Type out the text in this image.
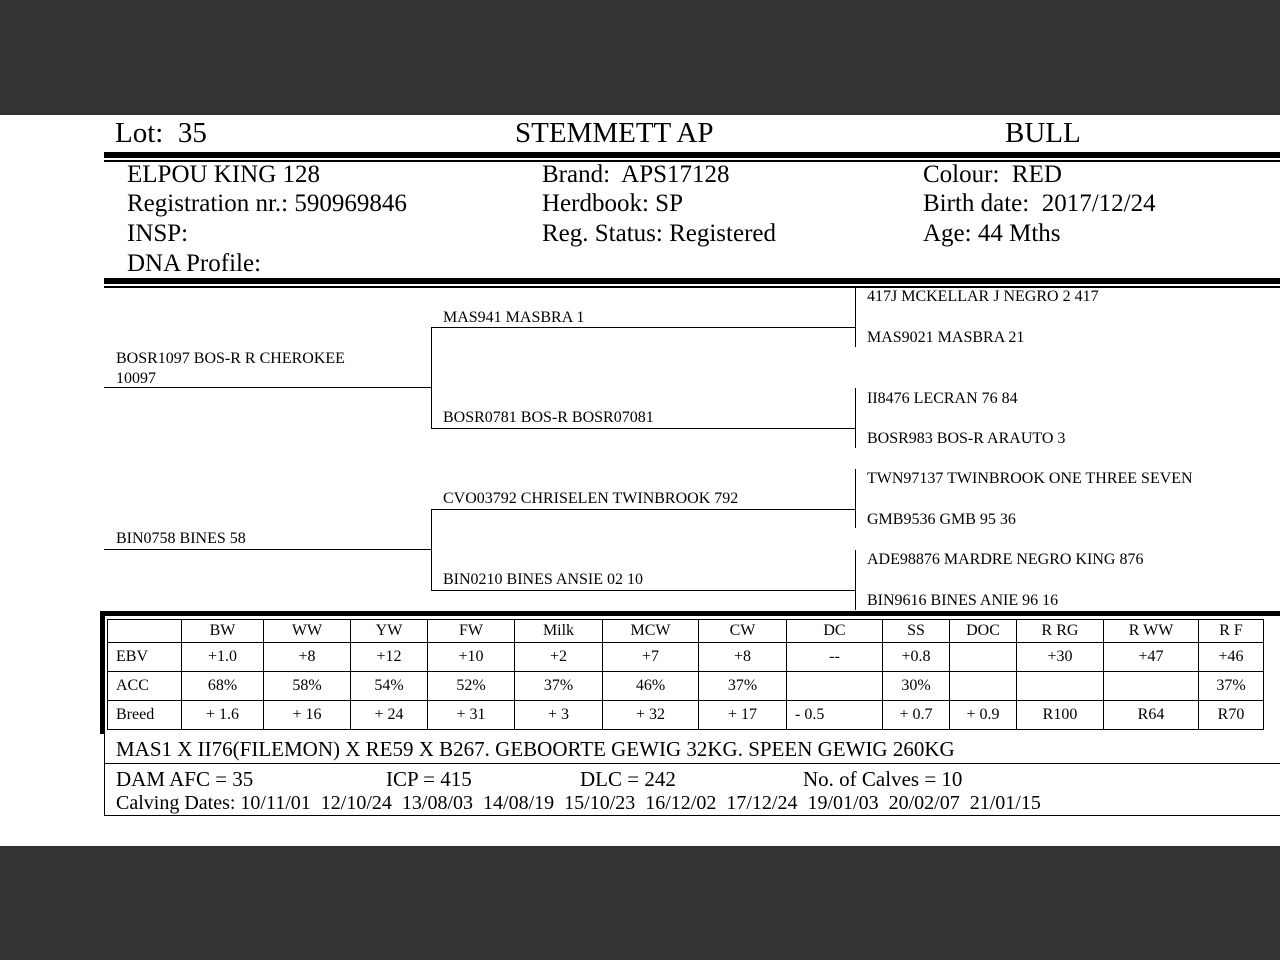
Lot: 35	STEMMETT AP	BULL
ELPOU KING 128
Registration nr.: 590969846
INSP:
DNA Profile:
Brand: APS17128
Herdbook: SP
Reg. Status: Registered
Colour: RED
Birth date: 2017/12/24
Age: 44 Mths
BOSR1097 BOS-R R CHEROKEE 10097
BIN0758 BINES 58
MAS941 MASBRA 1
BOSR0781 BOS-R BOSR07081
CVO03792 CHRISELEN TWINBROOK 792
BIN0210 BINES ANSIE 02 10
417J MCKELLAR J NEGRO 2 417
MAS9021 MASBRA 21
II8476 LECRAN 76 84
BOSR983 BOS-R ARAUTO 3
TWN97137 TWINBROOK ONE THREE SEVEN
GMB9536 GMB 95 36
ADE98876 MARDRE NEGRO KING 876
BIN9616 BINES ANIE 96 16
	BW	WW	YW	FW	Milk	MCW	CW	DC	SS	DOC	R RG	R WW	R F
EBV	+1.0	+8	+12	+10	+2	+7	+8	--	+0.8		+30	+47	+46
ACC	68%	58%	54%	52%	37%	46%	37%		30%				37%
Breed	+ 1.6	+ 16	+ 24	+ 31	+ 3	+ 32	+ 17	- 0.5	+ 0.7	+ 0.9	R100	R64	R70
MAS1 X II76(FILEMON) X RE59 X B267. GEBOORTE GEWIG 32KG. SPEEN GEWIG 260KG
DAM AFC = 35	ICP = 415	DLC = 242	No. of Calves = 10
Calving Dates: 10/11/01  12/10/24  13/08/03  14/08/19  15/10/23  16/12/02  17/12/24  19/01/03  20/02/07  21/01/15
